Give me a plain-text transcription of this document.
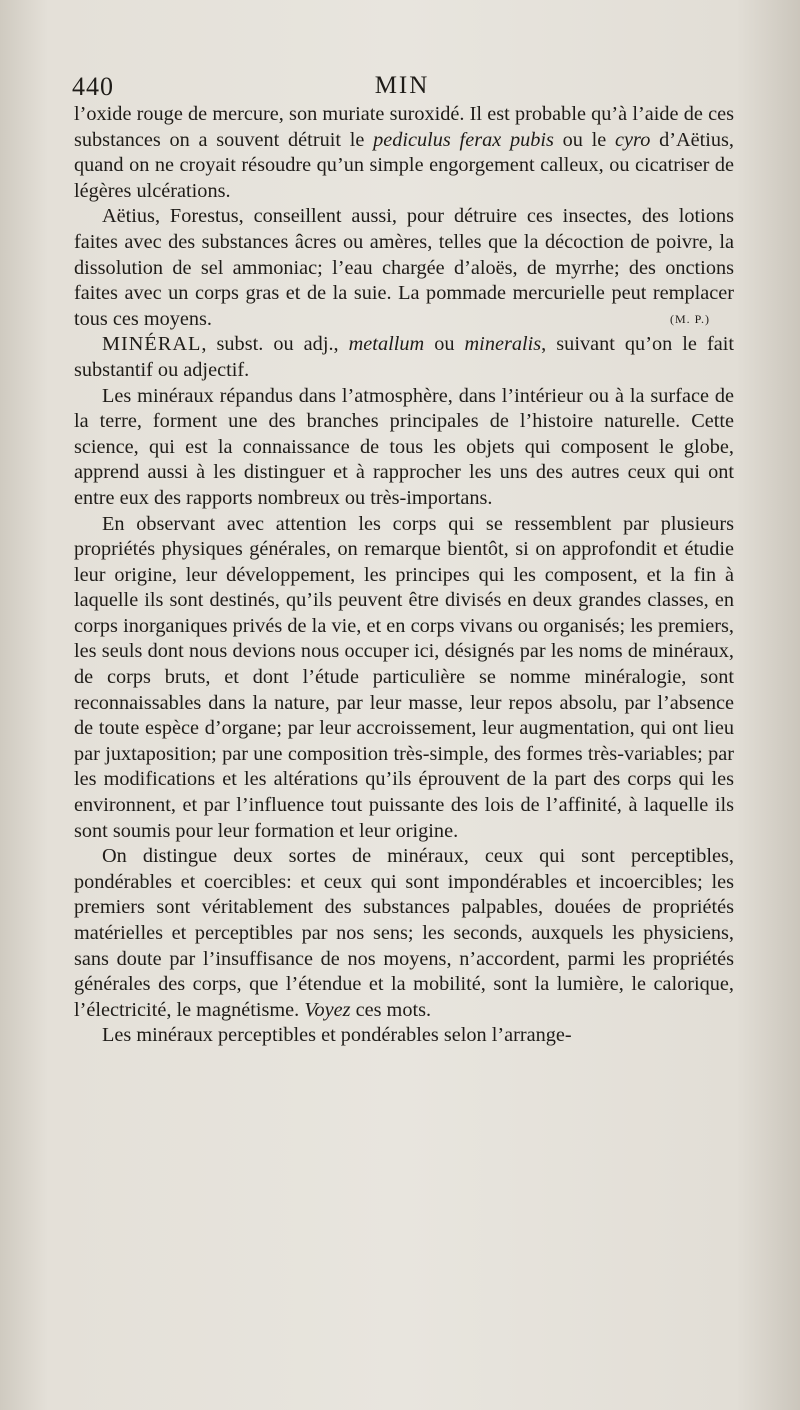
440	MIN

l’oxide rouge de mercure, son muriate suroxidé. Il est probable qu’à l’aide de ces substances on a souvent détruit le pediculus ferax pubis ou le cyro d’Aëtius, quand on ne croyait résoudre qu’un simple engorgement calleux, ou cicatriser de légères ulcérations.

Aëtius, Forestus, conseillent aussi, pour détruire ces insectes, des lotions faites avec des substances âcres ou amères, telles que la décoction de poivre, la dissolution de sel ammoniac; l’eau chargée d’aloës, de myrrhe; des onctions faites avec un corps gras et de la suie. La pommade mercurielle peut remplacer tous ces moyens.	(M. P.)

MINÉRAL, subst. ou adj., metallum ou mineralis, suivant qu’on le fait substantif ou adjectif.

Les minéraux répandus dans l’atmosphère, dans l’intérieur ou à la surface de la terre, forment une des branches principales de l’histoire naturelle. Cette science, qui est la connaissance de tous les objets qui composent le globe, apprend aussi à les distinguer et à rapprocher les uns des autres ceux qui ont entre eux des rapports nombreux ou très-importans.

En observant avec attention les corps qui se ressemblent par plusieurs propriétés physiques générales, on remarque bientôt, si on approfondit et étudie leur origine, leur développement, les principes qui les composent, et la fin à laquelle ils sont destinés, qu’ils peuvent être divisés en deux grandes classes, en corps inorganiques privés de la vie, et en corps vivans ou organisés; les premiers, les seuls dont nous devions nous occuper ici, désignés par les noms de minéraux, de corps bruts, et dont l’étude particulière se nomme minéralogie, sont reconnaissables dans la nature, par leur masse, leur repos absolu, par l’absence de toute espèce d’organe; par leur accroissement, leur augmentation, qui ont lieu par juxtaposition; par une composition très-simple, des formes très-variables; par les modifications et les altérations qu’ils éprouvent de la part des corps qui les environnent, et par l’influence tout puissante des lois de l’affinité, à laquelle ils sont soumis pour leur formation et leur origine.

On distingue deux sortes de minéraux, ceux qui sont perceptibles, pondérables et coercibles: et ceux qui sont impondérables et incoercibles; les premiers sont véritablement des substances palpables, douées de propriétés matérielles et perceptibles par nos sens; les seconds, auxquels les physiciens, sans doute par l’insuffisance de nos moyens, n’accordent, parmi les propriétés générales des corps, que l’étendue et la mobilité, sont la lumière, le calorique, l’électricité, le magnétisme. Voyez ces mots.

Les minéraux perceptibles et pondérables selon l’arrange-
